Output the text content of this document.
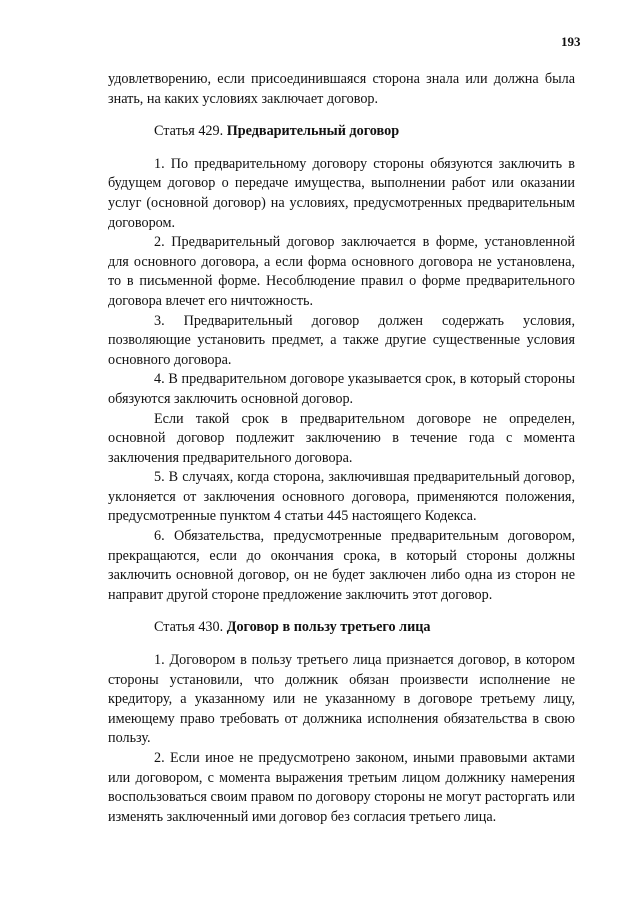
193

удовлетворению, если присоединившаяся сторона знала или должна была знать, на каких условиях заключает договор.

Статья 429. Предварительный договор

1. По предварительному договору стороны обязуются заключить в будущем договор о передаче имущества, выполнении работ или оказании услуг (основной договор) на условиях, предусмотренных предварительным договором.

2. Предварительный договор заключается в форме, установленной для основного договора, а если форма основного договора не установлена, то в письменной форме. Несоблюдение правил о форме предварительного договора влечет его ничтожность.

3. Предварительный договор должен содержать условия, позволяющие установить предмет, а также другие существенные условия основного договора.

4. В предварительном договоре указывается срок, в который стороны обязуются заключить основной договор.

Если такой срок в предварительном договоре не определен, основной договор подлежит заключению в течение года с момента заключения предварительного договора.

5. В случаях, когда сторона, заключившая предварительный договор, уклоняется от заключения основного договора, применяются положения, предусмотренные пунктом 4 статьи 445 настоящего Кодекса.

6. Обязательства, предусмотренные предварительным договором, прекращаются, если до окончания срока, в который стороны должны заключить основной договор, он не будет заключен либо одна из сторон не направит другой стороне предложение заключить этот договор.

Статья 430. Договор в пользу третьего лица

1. Договором в пользу третьего лица признается договор, в котором стороны установили, что должник обязан произвести исполнение не кредитору, а указанному или не указанному в договоре третьему лицу, имеющему право требовать от должника исполнения обязательства в свою пользу.

2. Если иное не предусмотрено законом, иными правовыми актами или договором, с момента выражения третьим лицом должнику намерения воспользоваться своим правом по договору стороны не могут расторгать или изменять заключенный ими договор без согласия третьего лица.
